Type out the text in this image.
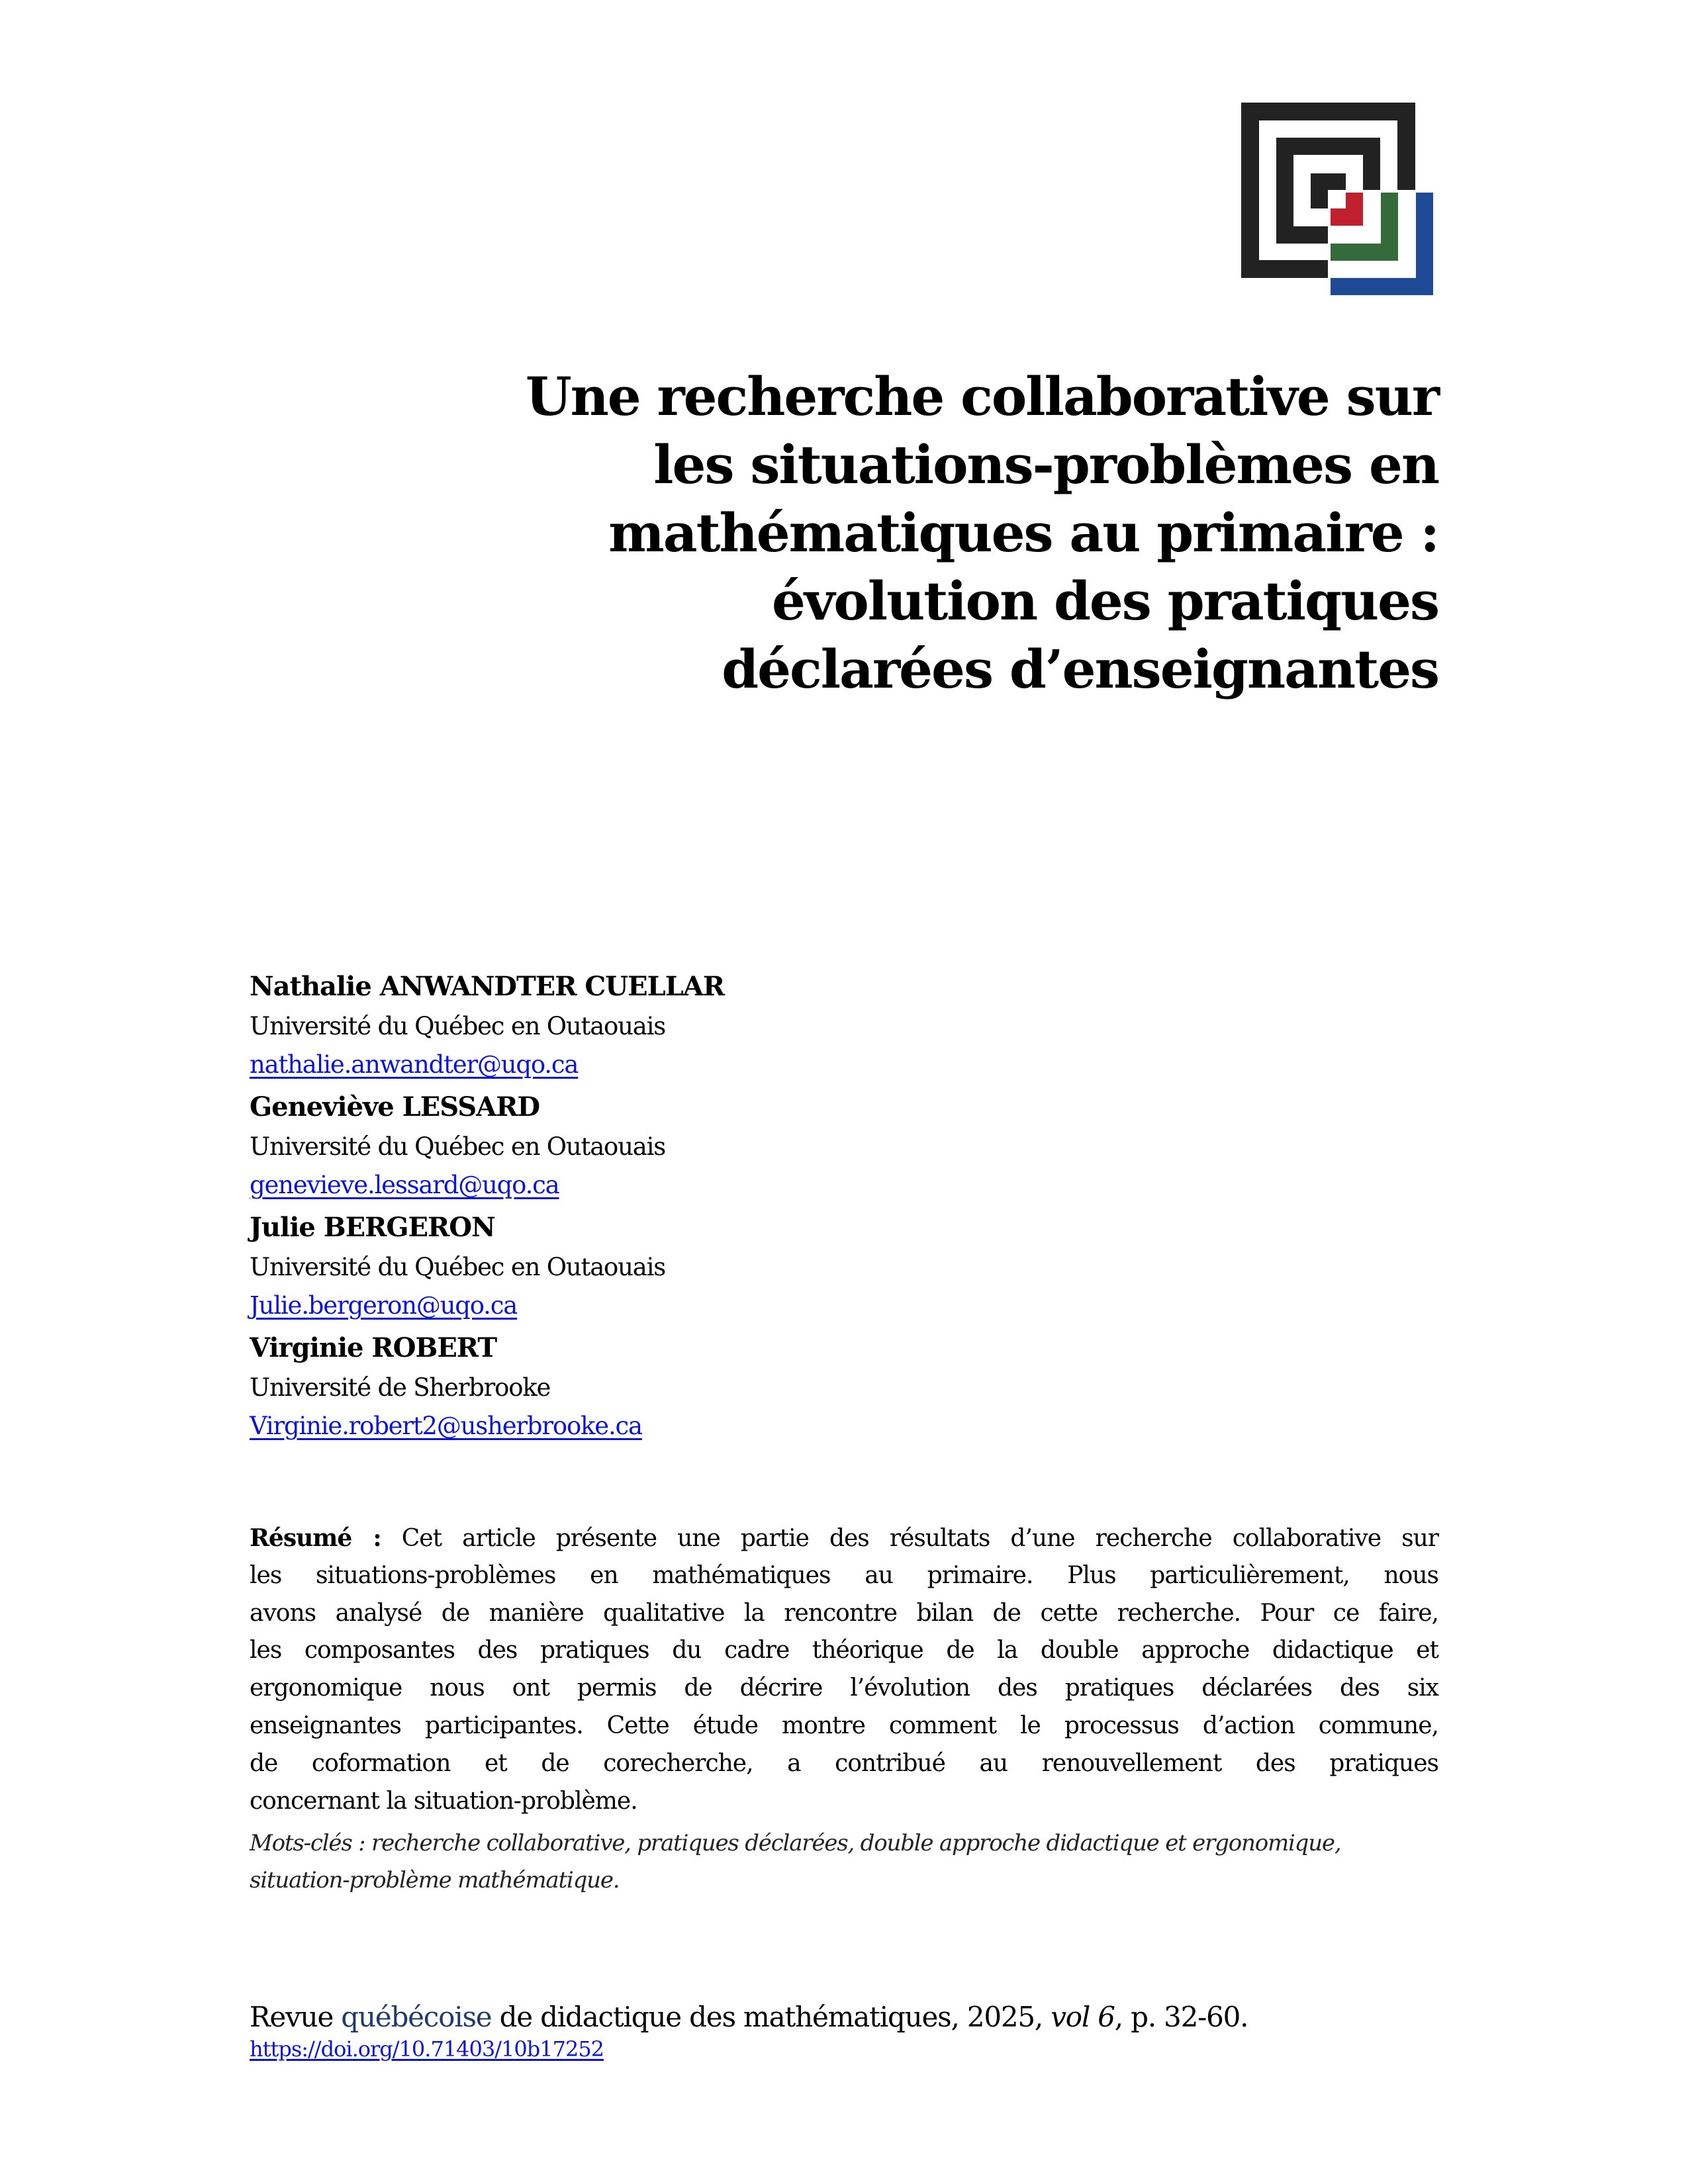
Une recherche collaborative sur
les situations-problèmes en
mathématiques au primaire :
évolution des pratiques
déclarées d’enseignantes
Nathalie ANWANDTER CUELLAR
Université du Québec en Outaouais
nathalie.anwandter@uqo.ca
Geneviève LESSARD
Université du Québec en Outaouais
genevieve.lessard@uqo.ca
Julie BERGERON
Université du Québec en Outaouais
Julie.bergeron@uqo.ca
Virginie ROBERT
Université de Sherbrooke
Virginie.robert2@usherbrooke.ca
Résumé : Cet article présente une partie des résultats d’une recherche collaborative sur
les situations-problèmes en mathématiques au primaire. Plus particulièrement, nous
avons analysé de manière qualitative la rencontre bilan de cette recherche. Pour ce faire,
les composantes des pratiques du cadre théorique de la double approche didactique et
ergonomique nous ont permis de décrire l’évolution des pratiques déclarées des six
enseignantes participantes. Cette étude montre comment le processus d’action commune,
de coformation et de corecherche, a contribué au renouvellement des pratiques
concernant la situation-problème.
Mots-clés : recherche collaborative, pratiques déclarées, double approche didactique et ergonomique,
situation-problème mathématique.
Revue québécoise de didactique des mathématiques, 2025, vol 6, p. 32-60.
https://doi.org/10.71403/10b17252
